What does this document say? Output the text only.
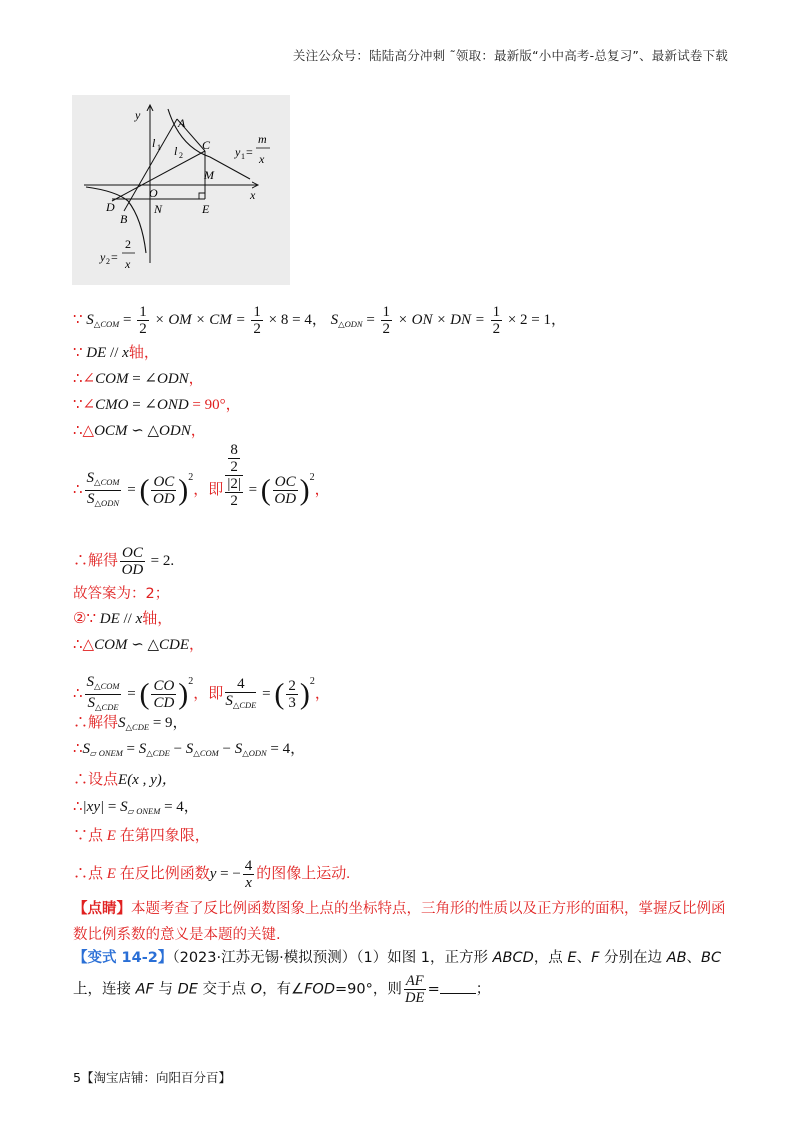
关注公众号：陆陆高分冲刺 ˜领取：最新版“小中高考-总复习”、最新试卷下载
y
x
A
C
l 1 l 2
M
O
D
B
N	E
y 1 =
m
x
y 2 =
2
x
∵ $S_{\triangle COM} = \frac{1}{2}$ × OM × CM = $\frac{1}{2} \times 8 = 4$， $S_{\triangle ODN} = \frac{1}{2}$ × ON × DN = $\frac{1}{2} \times 2 = 1$，
∵ DE // x轴，
∴∠COM = ∠ODN，
∵∠CMO = ∠OND = 90°，
∴△OCM ∽ △ODN，
∴ $\frac{S_{\triangle COM}}{S_{\triangle ODN}}$ = ( $\frac{OC}{OD} )^2$，即 $\frac{\frac{8}{2}}{\frac{|2|}{2}}$ = ( $\frac{OC}{OD} )^2$，
∴解得 $\frac{OC}{OD} = 2$.
故答案为：2；
②∵ DE // x轴，
∴△COM ∽ △CDE，
∴ $\frac{S_{\triangle COM}}{S_{\triangle CDE}}$ = ( $\frac{CO}{CD} )^2$，即 $\frac{4}{S_{\triangle CDE}}$ = ( $\frac{2}{3} )^2$，
∴解得$S_{\triangle CDE} = 9$，
$\therefore S_{▱ ONEM} = S_{\triangle CDE} - S_{\triangle COM} - S_{\triangle ODN} = 4$，
∴设点E(x , y)，
∴|xy| = $S_{▱ ONEM} = 4$，
∵点 E 在第四象限，
∴点 E 在反比例函数y = − $\frac{4}{x}$ 的图像上运动.
【点睛】本题考查了反比例函数图象上点的坐标特点，三角形的性质以及正方形的面积，掌握反比例函数比例系数的意义是本题的关键.
【变式 14-2】（2023·江苏无锡·模拟预测）（1）如图 1，正方形 ABCD，点 E、F 分别在边 AB、BC 上，连接 AF 与 DE 交于点 O，有∠FOD=90°，则 $\frac{AF}{DE}$ = ；
5【淘宝店铺：向阳百分百】
